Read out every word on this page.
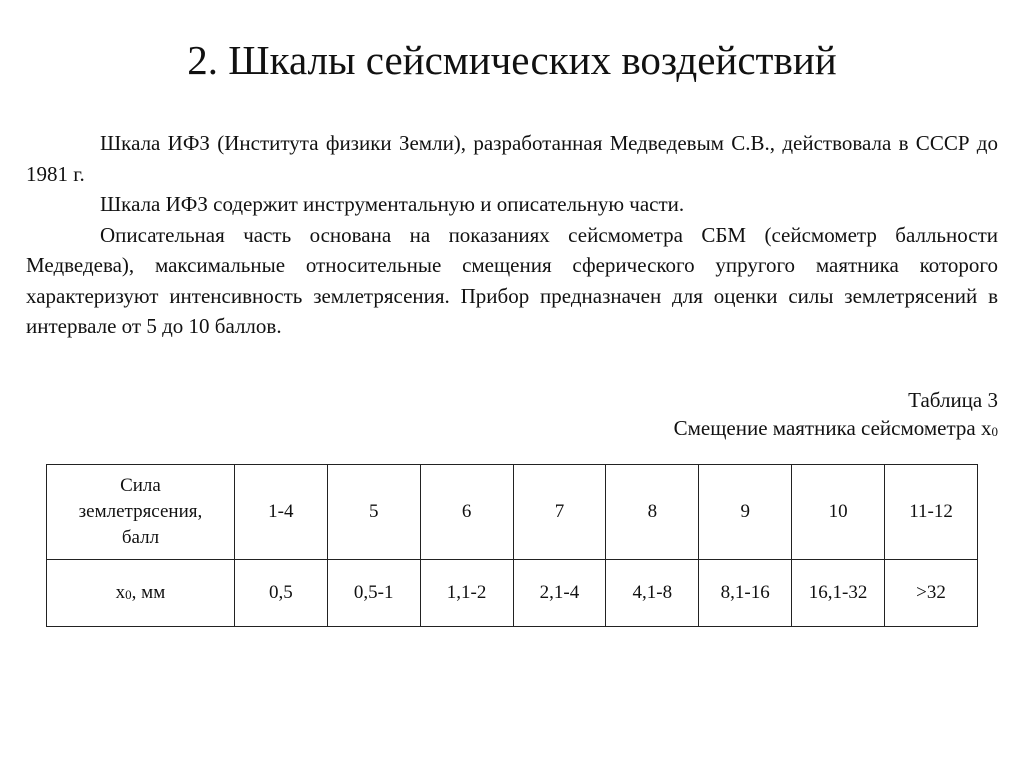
2. Шкалы сейсмических воздействий

Шкала ИФЗ (Института физики Земли), разработанная Медведевым С.В., действовала в СССР до 1981 г.

Шкала ИФЗ содержит инструментальную и описательную части.

Описательная часть основана на показаниях сейсмометра СБМ (сейсмометр балльности Медведева), максимальные относительные смещения сферического упругого маятника которого характеризуют интенсивность землетрясения. Прибор предназначен для оценки силы землетрясений в интервале от 5 до 10 баллов.

Таблица 3
Смещение маятника сейсмометра $x_0$
Сила землетрясения, балл	1-4	5	6	7	8	9	10	11-12
$x_0$, мм	0,5	0,5-1	1,1-2	2,1-4	4,1-8	8,1-16	16,1-32	>32
